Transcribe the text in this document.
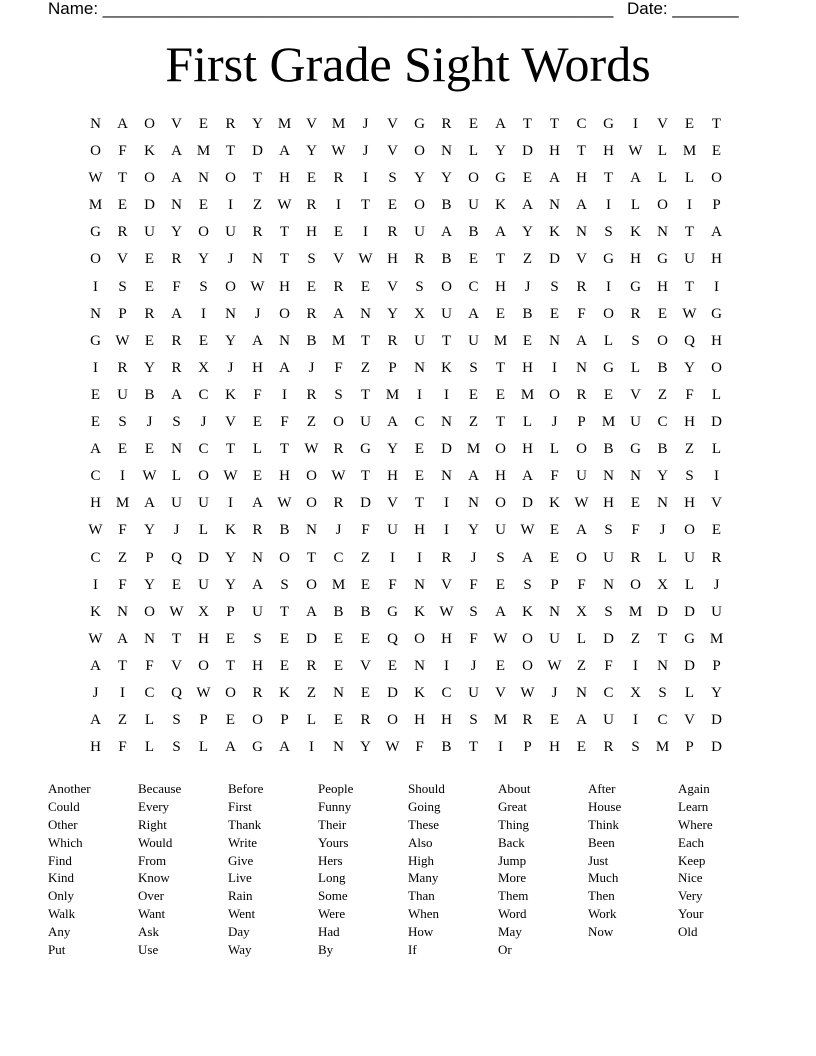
Name: ______________________________________________________ Date: _______
First Grade Sight Words
N	A	O	V	E	R	Y M V M	J	V	G	R	E	A	T	T	C	G	I	V	E	T
O	F	K	A M	T	D	A	Y W	J	V	O	N	L	Y	D	H	T	H W	L	M	E
W	T	O	A	N	O	T	H	E	R	I	S	Y	Y	O	G	E	A	H	T	A	L	L	O
M	E	D	N	E	I	Z	W R	I	T	E	O	B	U	K	A	N	A	I	L	O	I	P
G	R	U	Y	O	U	R	T	H	E	I	R	U	A	B	A	Y	K	N	S	K	N	T	A
O	V	E	R	Y	J	N	T	S	V W H	R	B	E	T	Z	D	V	G	H	G	U	H
I	S	E	F	S	O W H	E	R	E	V	S	O	C	H	J	S	R	I	G	H	T	I
N	P	R	A	I	N	J	O	R	A	N	Y	X	U	A	E	B	E	F	O	R	E	W G
G W	E	R	E	Y	A	N	B	M	T	R	U	T	U M	E	N	A	L	S	O	Q	H
I	R	Y	R	X	J	H	A	J	F	Z	P	N	K	S	T	H	I	N	G	L	B	Y	O
E	U	B	A	C	K	F	I	R	S	T	M	I	I	E	E	M O	R	E	V	Z	F	L
E	S	J	S	J	V	E	F	Z	O	U	A	C	N	Z	T	L	J	P	M U	C	H	D
A	E	E	N	C	T	L	T	W R	G	Y	E	D M O	H	L	O	B	G	B	Z	L
C	I	W	L	O W	E	H	O W	T	H	E	N	A	H	A	F	U	N	N	Y	S	I
H M A	U	U	I	A W O	R	D	V	T	I	N	O	D	K W H	E	N	H	V
W	F	Y	J	L	K	R	B	N	J	F	U	H	I	Y	U W	E	A	S	F	J	O	E
C	Z	P	Q	D	Y	N	O	T	C	Z	I	I	R	J	S	A	E	O	U	R	L	U	R
I	F	Y	E	U	Y	A	S	O M	E	F	N	V	F	E	S	P	F	N	O	X	L	J
K	N	O W X	P	U	T	A	B	B	G	K W	S	A	K	N	X	S	M D	D	U
W A	N	T	H	E	S	E	D	E	E	Q	O	H	F	W O	U	L	D	Z	T	G M
A	T	F	V	O	T	H	E	R	E	V	E	N	I	J	E	O W	Z	F	I	N	D	P
J	I	C	Q W O	R	K	Z	N	E	D	K	C	U	V W	J	N	C	X	S	L	Y
A	Z	L	S	P	E	O	P	L	E	R	O	H	H	S	M	R	E	A	U	I	C	V	D
H	F	L	S	L	A	G	A	I	N	Y W	F	B	T	I	P	H	E	R	S	M	P	D
Another	Because	Before	People	Should	About	After	Again
Could	Every	First	Funny	Going	Great	House	Learn
Other	Right	Thank	Their	These	Thing	Think	Where
Which	Would	Write	Yours	Also	Back	Been	Each
Find	From	Give	Hers	High	Jump	Just	Keep
Kind	Know	Live	Long	Many	More	Much	Nice
Only	Over	Rain	Some	Than	Them	Then	Very
Walk	Want	Went	Were	When	Word	Work	Your
Any	Ask	Day	Had	How	May	Now	Old
Put	Use	Way	By	If	Or
